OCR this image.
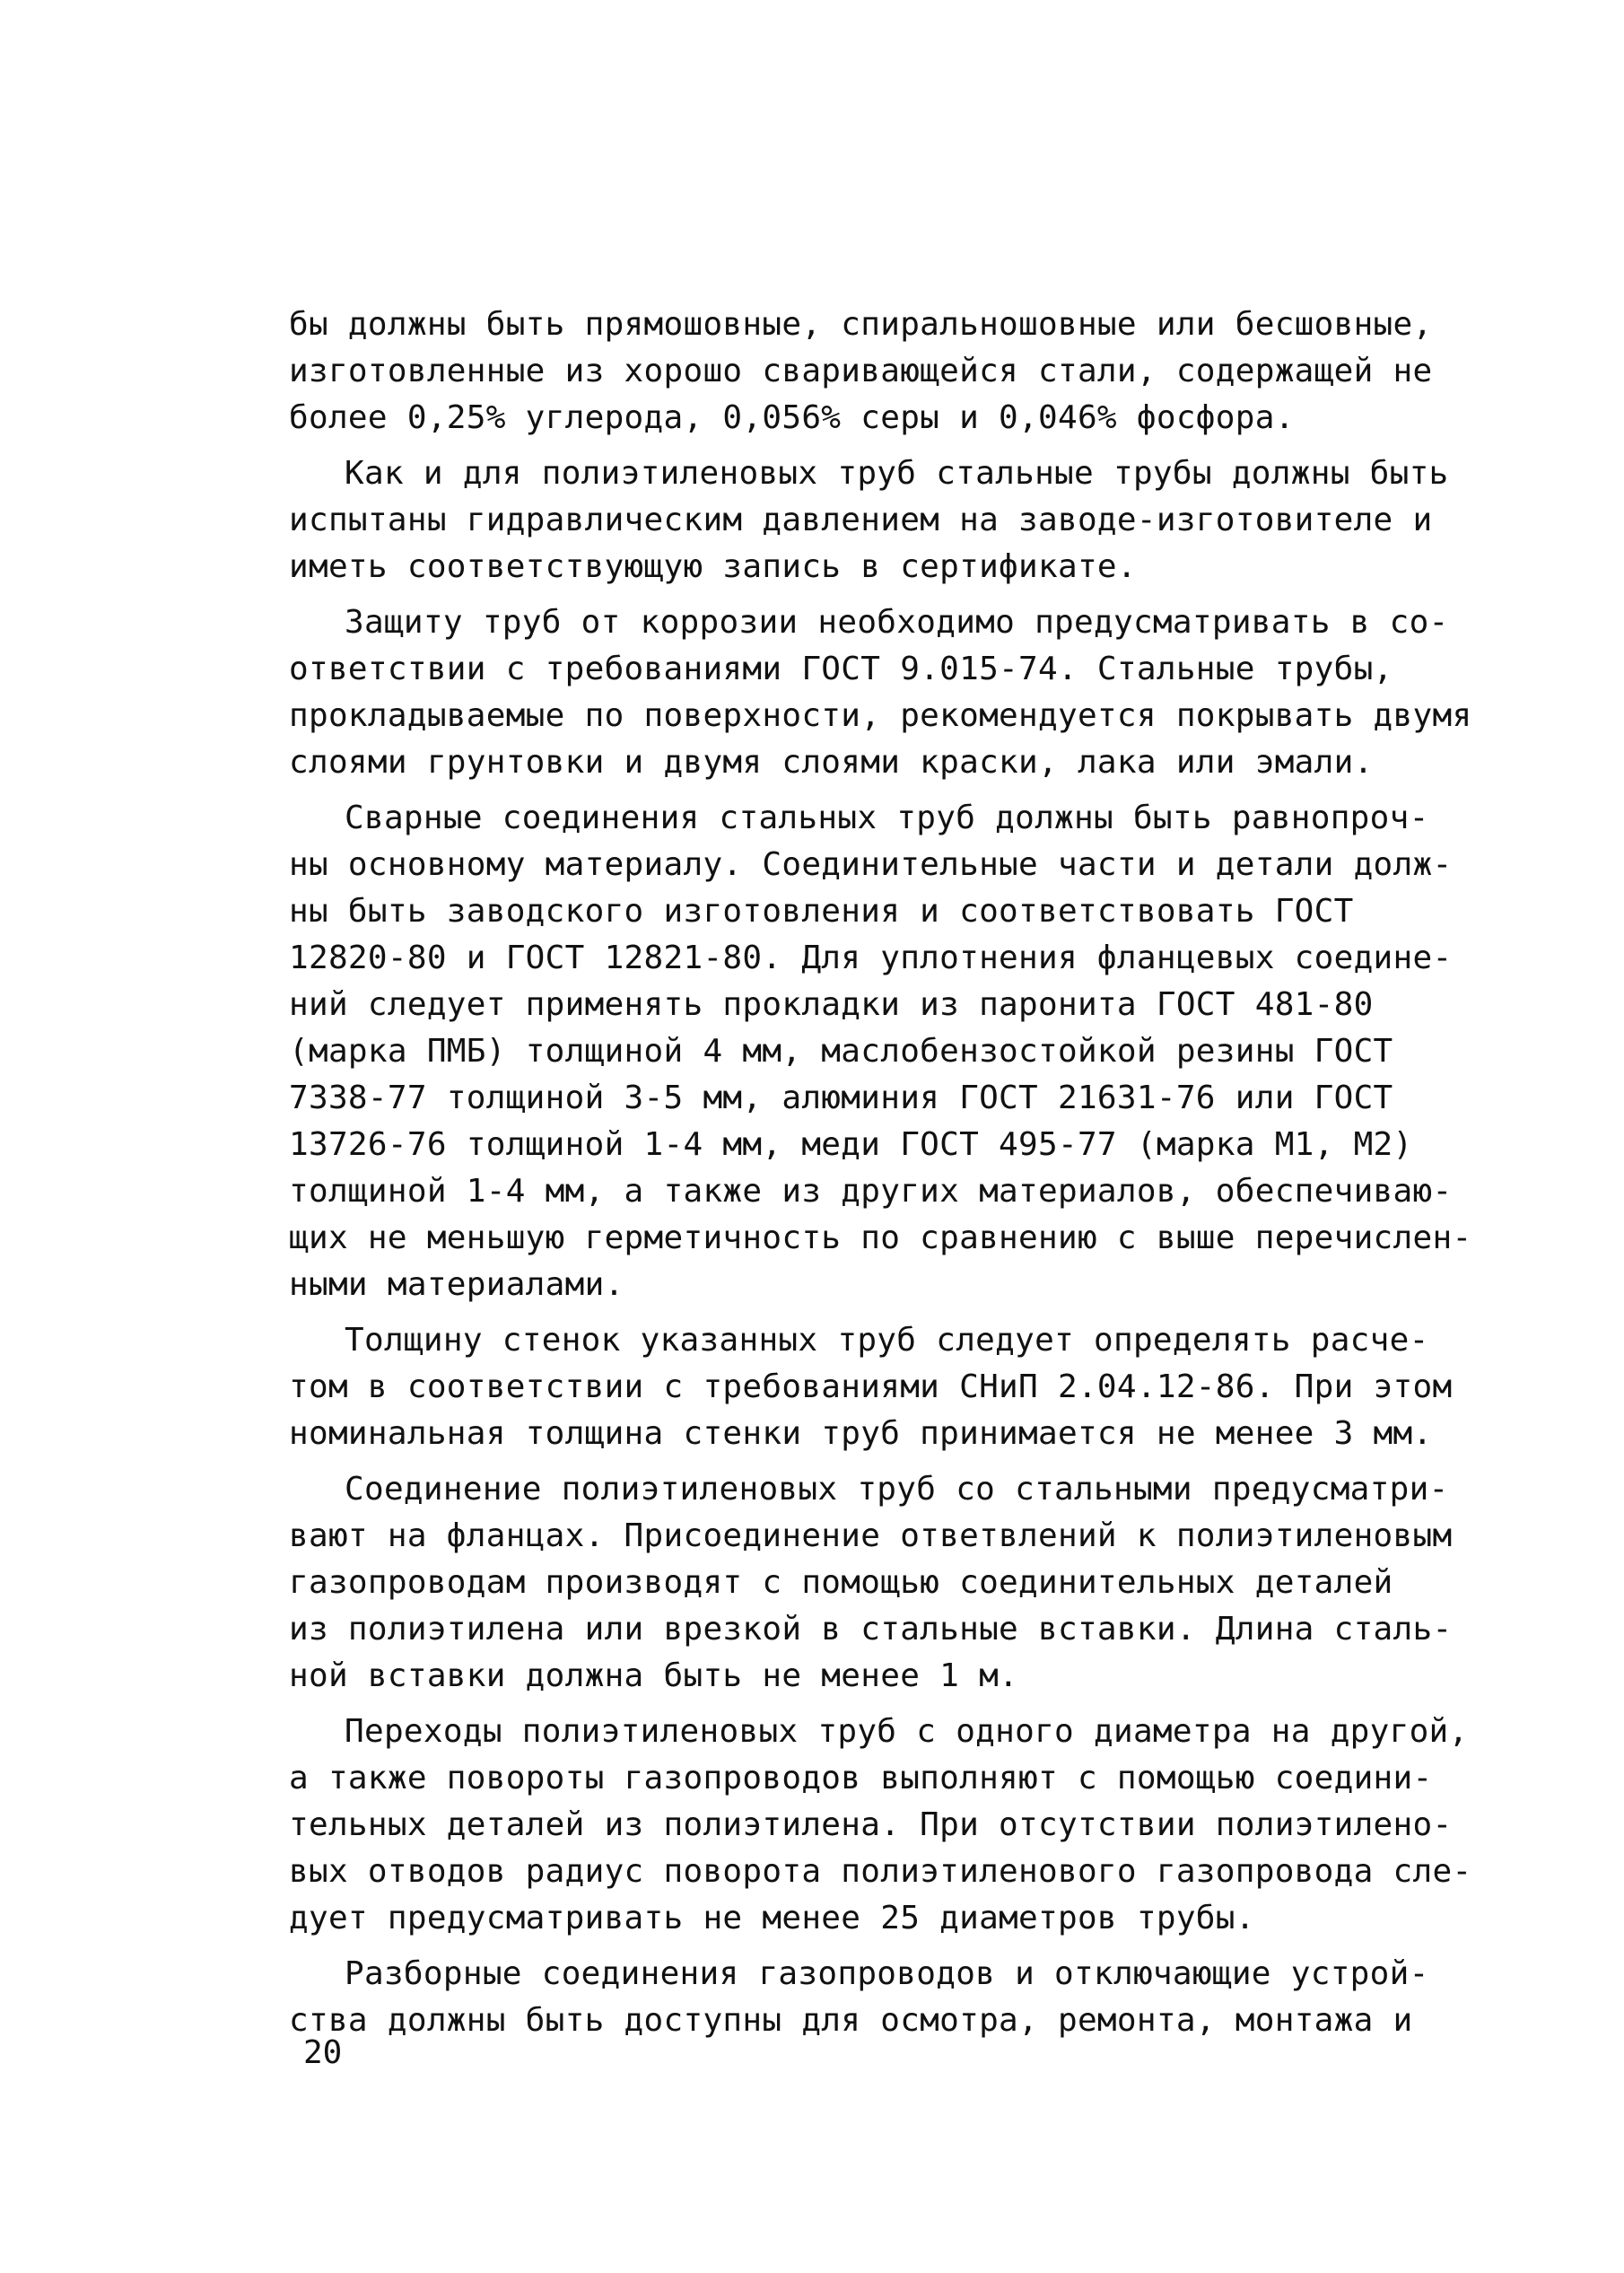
бы должны быть прямошовные, спиральношовные или бесшовные,
изготовленные из хорошо сваривающейся стали, содержащей не
более 0,25% углерода, 0,056% серы и 0,046% фосфора.
Как и для полиэтиленовых труб стальные трубы должны быть
испытаны гидравлическим давлением на заводе-изготовителе и
иметь соответствующую запись в сертификате.
Защиту труб от коррозии необходимо предусматривать в со-
ответствии с требованиями ГОСТ 9.015-74. Стальные трубы,
прокладываемые по поверхности, рекомендуется покрывать двумя
слоями грунтовки и двумя слоями краски, лака или эмали.
Сварные соединения стальных труб должны быть равнопроч-
ны основному материалу. Соединительные части и детали долж-
ны быть заводского изготовления и соответствовать ГОСТ
12820-80 и ГОСТ 12821-80. Для уплотнения фланцевых соедине-
ний следует применять прокладки из паронита ГОСТ 481-80
(марка ПМБ) толщиной 4 мм, маслобензостойкой резины ГОСТ
7338-77 толщиной 3-5 мм, алюминия ГОСТ 21631-76 или ГОСТ
13726-76 толщиной 1-4 мм, меди ГОСТ 495-77 (марка М1, М2)
толщиной 1-4 мм, а также из других материалов, обеспечиваю-
щих не меньшую герметичность по сравнению с выше перечислен-
ными материалами.
Толщину стенок указанных труб следует определять расче-
том в соответствии с требованиями СНиП 2.04.12-86. При этом
номинальная толщина стенки труб принимается не менее 3 мм.
Соединение полиэтиленовых труб со стальными предусматри-
вают на фланцах. Присоединение ответвлений к полиэтиленовым
газопроводам производят с помощью соединительных деталей
из полиэтилена или врезкой в стальные вставки. Длина сталь-
ной вставки должна быть не менее 1 м.
Переходы полиэтиленовых труб с одного диаметра на другой,
а также повороты газопроводов выполняют с помощью соедини-
тельных деталей из полиэтилена. При отсутствии полиэтилено-
вых отводов радиус поворота полиэтиленового газопровода сле-
дует предусматривать не менее 25 диаметров трубы.
Разборные соединения газопроводов и отключающие устрой-
ства должны быть доступны для осмотра, ремонта, монтажа и
20
